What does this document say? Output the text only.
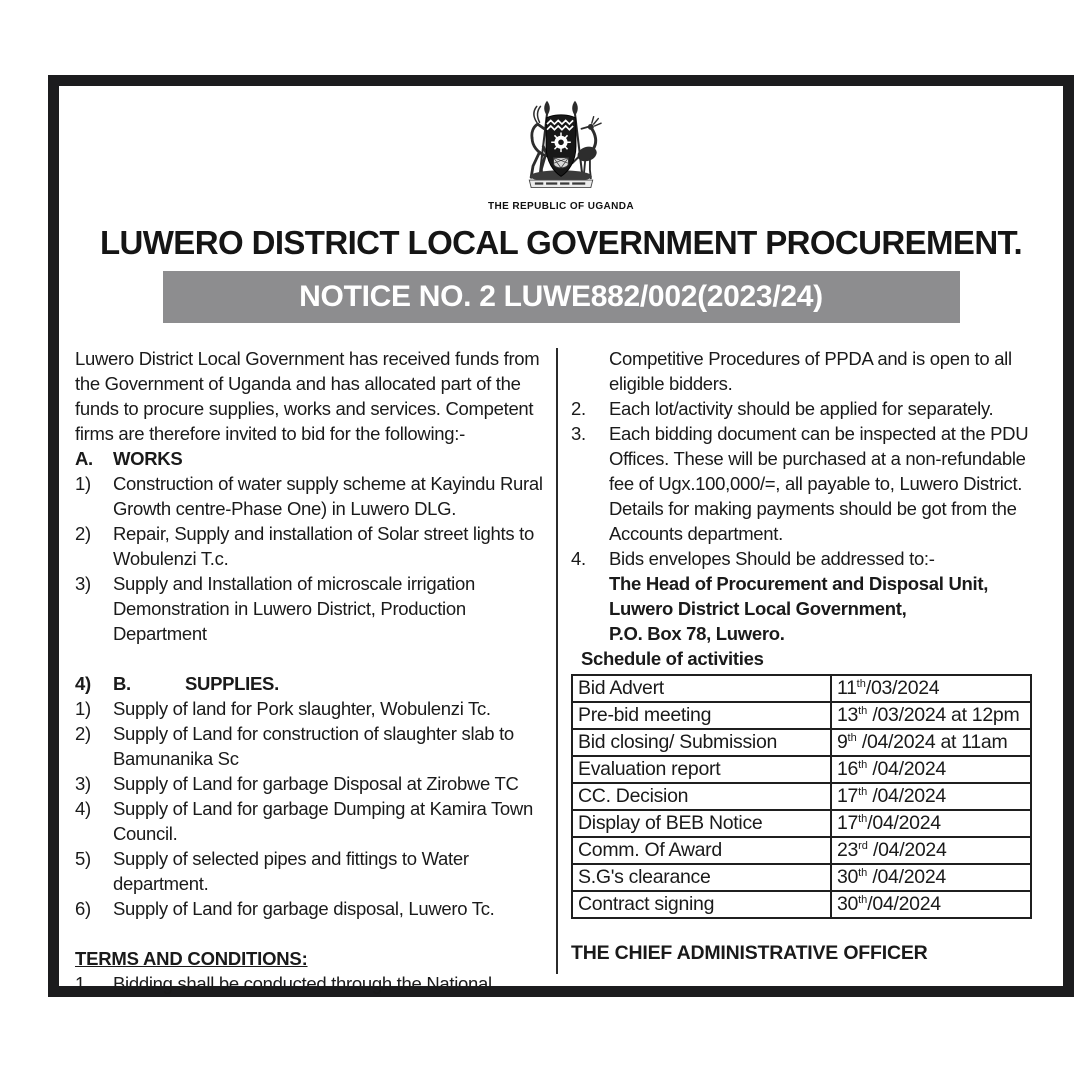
THE REPUBLIC OF UGANDA
LUWERO DISTRICT LOCAL GOVERNMENT PROCUREMENT.
NOTICE NO. 2 LUWE882/002(2023/24)

Luwero District Local Government has received funds from the Government of Uganda and has allocated part of the funds to procure supplies, works and services. Competent firms are therefore invited to bid for the following:-

A.	WORKS
1)	Construction of water supply scheme at Kayindu Rural Growth centre-Phase One) in Luwero DLG.
2)	Repair, Supply and installation of Solar street lights to Wobulenzi T.c.
3)	Supply and Installation of microscale irrigation Demonstration in Luwero District, Production Department
4)	B.	SUPPLIES.
1)	Supply of land for Pork slaughter, Wobulenzi Tc.
2)	Supply of Land for construction of slaughter slab to Bamunanika Sc
3)	Supply of Land for garbage Disposal at Zirobwe TC
4)	Supply of Land for garbage Dumping at Kamira Town Council.
5)	Supply of selected pipes and fittings to Water department.
6)	Supply of Land for garbage disposal, Luwero Tc.
TERMS AND CONDITIONS:
1.	Bidding shall be conducted through the National
Competitive Procedures of PPDA and is open to all eligible bidders.
2.	Each lot/activity should be applied for separately.
3.	Each bidding document can be inspected at the PDU Offices. These will be purchased at a non-refundable fee of Ugx.100,000/=, all payable to, Luwero District. Details for making payments should be got from the Accounts department.
4.	Bids envelopes Should be addressed to:-
The Head of Procurement and Disposal Unit,
Luwero District Local Government,
P.O. Box 78, Luwero.
Schedule of activities
Bid Advert	11th/03/2024
Pre-bid meeting	13th /03/2024 at 12pm
Bid closing/ Submission	9th /04/2024 at 11am
Evaluation report	16th /04/2024
CC. Decision	17th /04/2024
Display of BEB Notice	17th/04/2024
Comm. Of Award	23rd /04/2024
S.G's clearance	30th /04/2024
Contract signing	30th/04/2024
THE CHIEF ADMINISTRATIVE OFFICER
